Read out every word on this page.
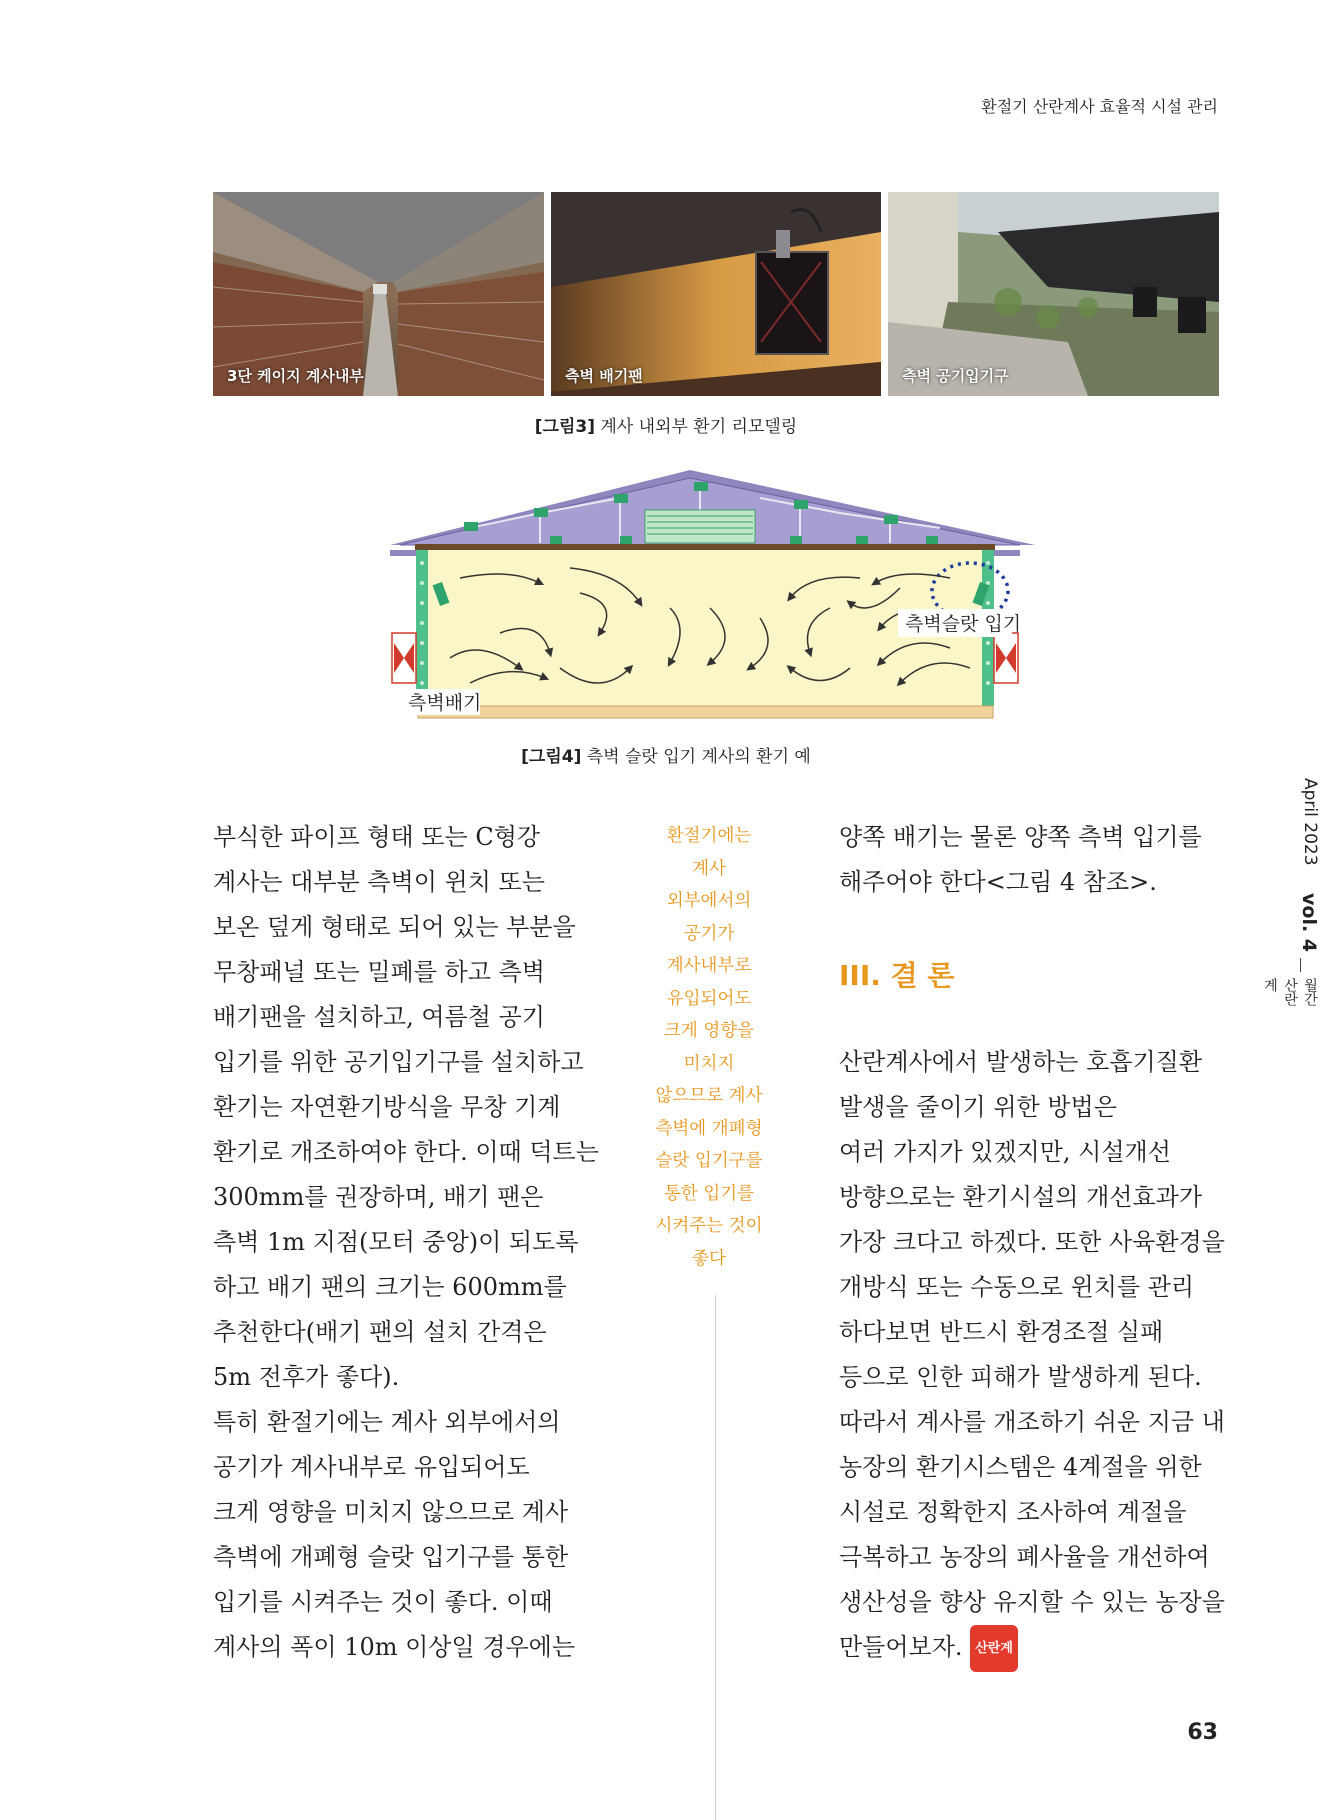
환절기 산란계사 효율적 시설 관리
3단 케이지 계사내부	측벽 배기팬	측벽 공기입기구
[그림3] 계사 내외부 환기 리모델링
측벽슬랏 입기
측벽배기
[그림4] 측벽 슬랏 입기 계사의 환기 예

부식한 파이프 형태 또는 C형강

계사는 대부분 측벽이 윈치 또는

보온 덮게 형태로 되어 있는 부분을

무창패널 또는 밀폐를 하고 측벽

배기팬을 설치하고, 여름철 공기

입기를 위한 공기입기구를 설치하고

환기는 자연환기방식을 무창 기계

환기로 개조하여야 한다. 이때 덕트는

300mm를 권장하며, 배기 팬은

측벽 1m 지점(모터 중앙)이 되도록

하고 배기 팬의 크기는 600mm를

추천한다(배기 팬의 설치 간격은

5m 전후가 좋다).

특히 환절기에는 계사 외부에서의

공기가 계사내부로 유입되어도

크게 영향을 미치지 않으므로 계사

측벽에 개폐형 슬랏 입기구를 통한

입기를 시켜주는 것이 좋다. 이때

계사의 폭이 10m 이상일 경우에는

환절기에는
계사
외부에서의
공기가
계사내부로
유입되어도
크게 영향을
미치지
않으므로 계사
측벽에 개폐형
슬랏 입기구를
통한 입기를
시켜주는 것이
좋다

양쪽 배기는 물론 양쪽 측벽 입기를

해주어야 한다<그림 4 참조>.

III. 결 론

산란계사에서 발생하는 호흡기질환

발생을 줄이기 위한 방법은

여러 가지가 있겠지만, 시설개선

방향으로는 환기시설의 개선효과가

가장 크다고 하겠다. 또한 사육환경을

개방식 또는 수동으로 윈치를 관리

하다보면 반드시 환경조절 실패

등으로 인한 피해가 발생하게 된다.

따라서 계사를 개조하기 쉬운 지금 내

농장의 환기시스템은 4계절을 위한

시설로 정확한지 조사하여 계절을

극복하고 농장의 폐사율을 개선하여

생산성을 향상 유지할 수 있는 농장을

만들어보자. 산란계

April 2023
vol. 4
월간산란계
63
